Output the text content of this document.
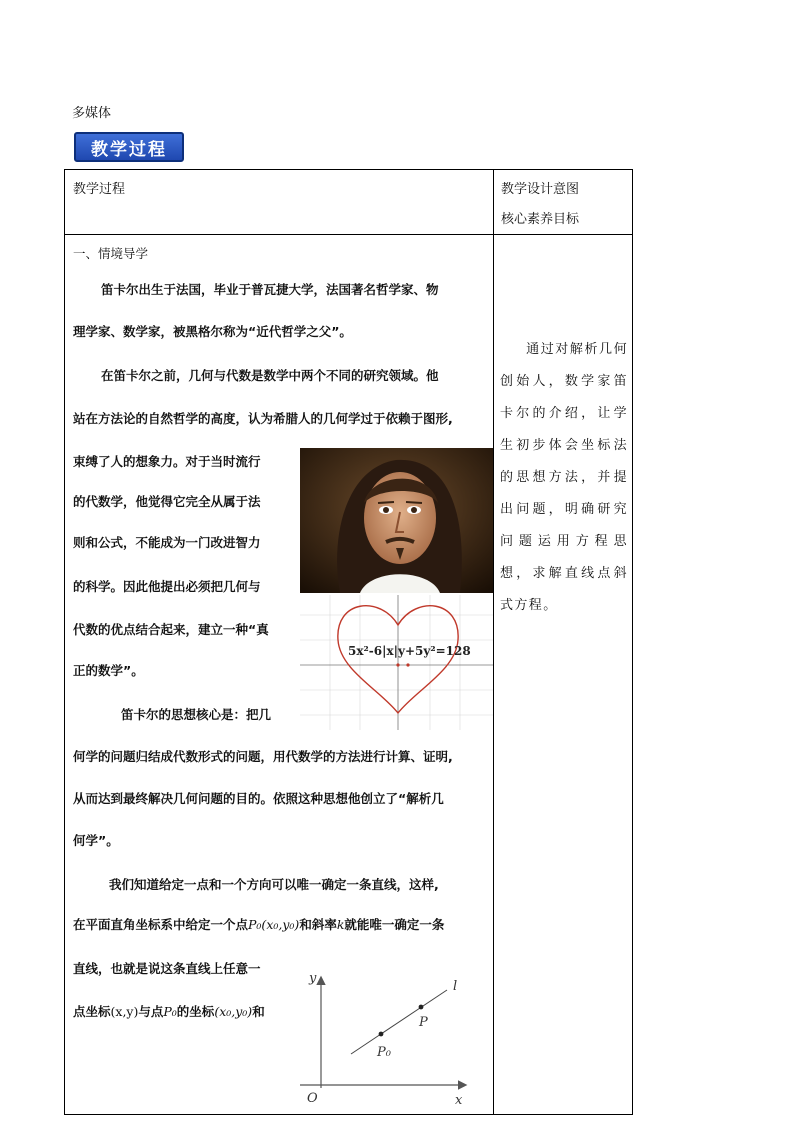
多媒体
教学过程
教学过程	教学设计意图
核心素养目标
一、情境导学
笛卡尔出生于法国，毕业于普瓦捷大学，法国著名哲学家、物
理学家、数学家，被黑格尔称为“近代哲学之父”。
在笛卡尔之前，几何与代数是数学中两个不同的研究领域。他
站在方法论的自然哲学的高度，认为希腊人的几何学过于依赖于图形,
束缚了人的想象力。对于当时流行
的代数学，他觉得它完全从属于法
则和公式，不能成为一门改进智力
的科学。因此他提出必须把几何与
代数的优点结合起来，建立一种“真
正的数学”。
笛卡尔的思想核心是：把几
何学的问题归结成代数形式的问题，用代数学的方法进行计算、证明,
从而达到最终解决几何问题的目的。依照这种思想他创立了“解析几
何学”。
我们知道给定一点和一个方向可以唯一确定一条直线，这样,
在平面直角坐标系中给定一个点P₀(x₀,y₀)和斜率k就能唯一确定一条
直线，也就是说这条直线上任意一
点坐标(x,y)与点P₀的坐标(x₀,y₀)和
通过对解析几何创始人，数学家笛卡尔的介绍，让学生初步体会坐标法的思想方法，并提出问题，明确研究问题运用方程思想，求解直线点斜式方程。
5x²-6|x|y+5y²=128
y
x
O
l
P
P₀
